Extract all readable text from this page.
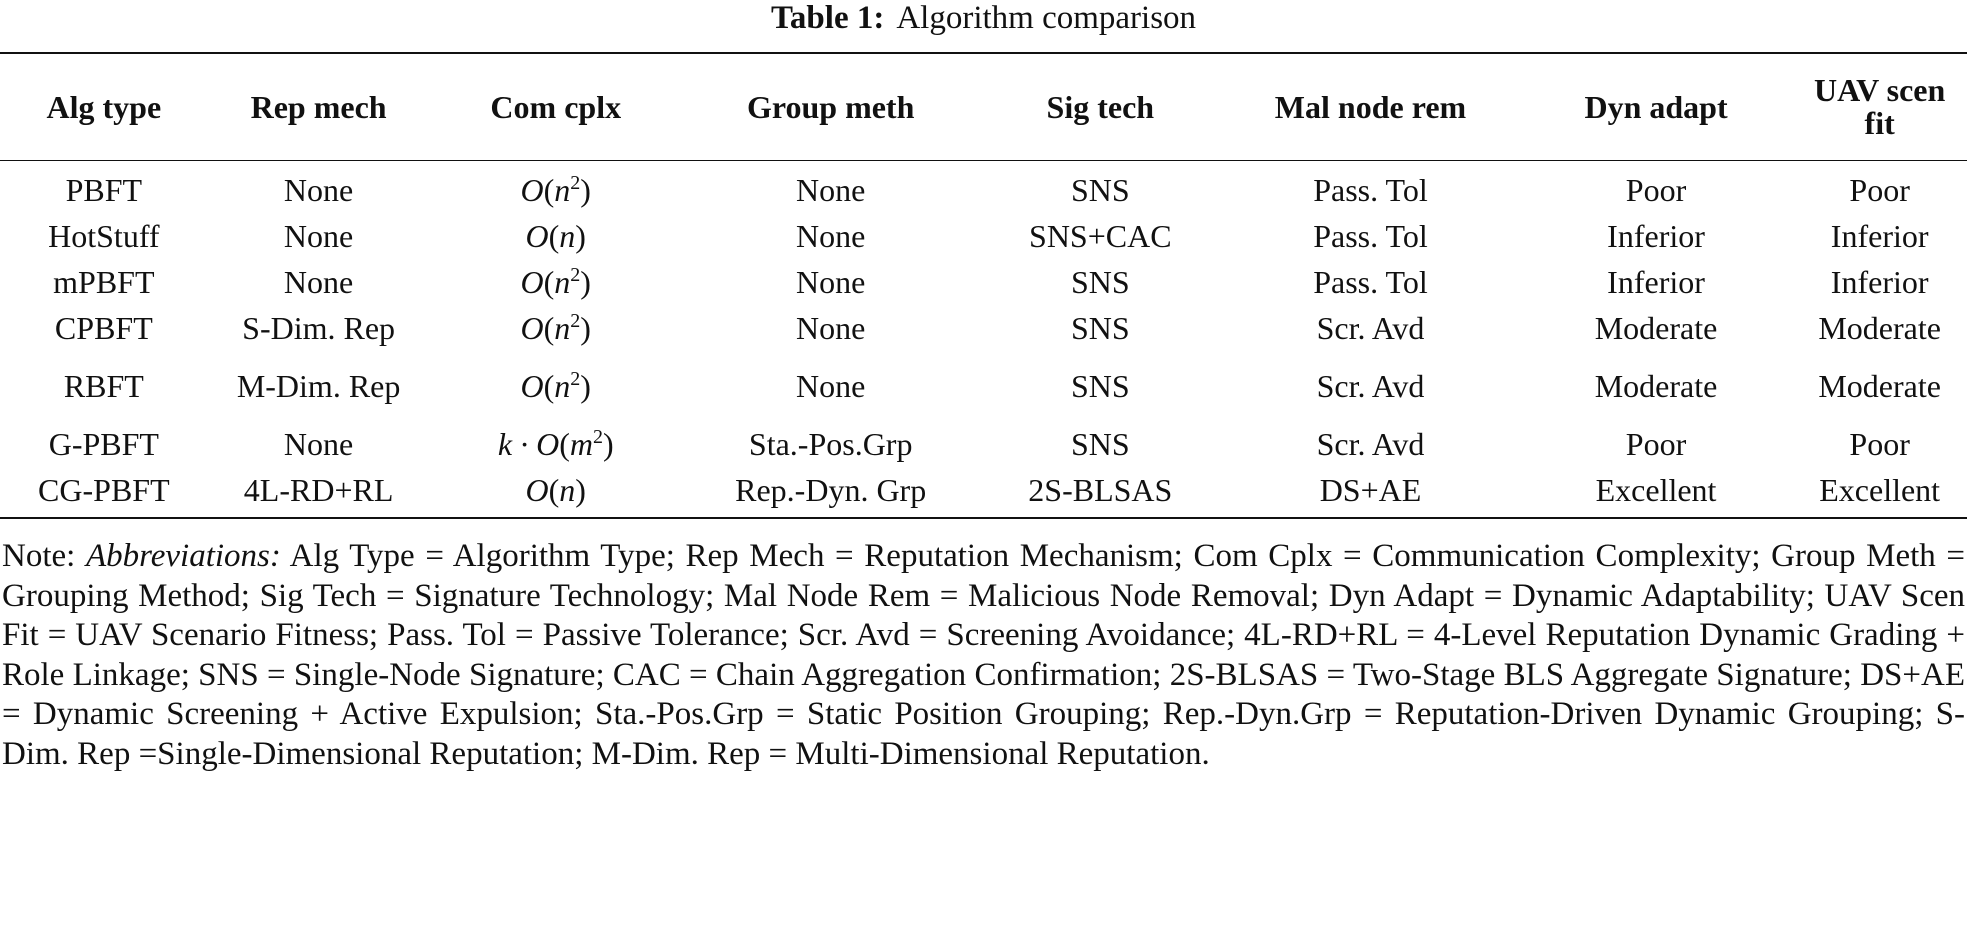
Table 1: Algorithm comparison
Alg type	Rep mech	Com cplx	Group meth	Sig tech	Mal node rem	Dyn adapt	UAV scen fit
PBFT	None	$O(n^2)$	None	SNS	Pass. Tol	Poor	Poor
HotStuff	None	O(n)	None	SNS+CAC	Pass. Tol	Inferior	Inferior
mPBFT	None	$O(n^2)$	None	SNS	Pass. Tol	Inferior	Inferior
CPBFT	S-Dim. Rep	$O(n^2)$	None	SNS	Scr. Avd	Moderate	Moderate
RBFT	M-Dim. Rep	$O(n^2)$	None	SNS	Scr. Avd	Moderate	Moderate
G-PBFT	None	$k \cdot O(m^2)$	Sta.-Pos.Grp	SNS	Scr. Avd	Poor	Poor
CG-PBFT	4L-RD+RL	O(n)	Rep.-Dyn. Grp	2S-BLSAS	DS+AE	Excellent	Excellent
Note: Abbreviations: Alg Type = Algorithm Type; Rep Mech = Reputation Mechanism; Com Cplx = Communication Complexity; Group Meth = Grouping Method; Sig Tech = Signature Technology; Mal Node Rem = Malicious Node Removal; Dyn Adapt = Dynamic Adaptability; UAV Scen Fit = UAV Scenario Fitness; Pass. Tol = Passive Tolerance; Scr. Avd = Screening Avoidance; 4L-RD+RL = 4-Level Reputation Dynamic Grading + Role Linkage; SNS = Single-Node Signature; CAC = Chain Aggregation Confirmation; 2S-BLSAS = Two-Stage BLS Aggregate Signature; DS+AE = Dynamic Screening + Active Expulsion; Sta.-Pos.Grp = Static Position Grouping; Rep.-Dyn.Grp = Reputation-Driven Dynamic Grouping; S-Dim. Rep =Single-Dimensional Reputation; M-Dim. Rep = Multi-Dimensional Reputation.
